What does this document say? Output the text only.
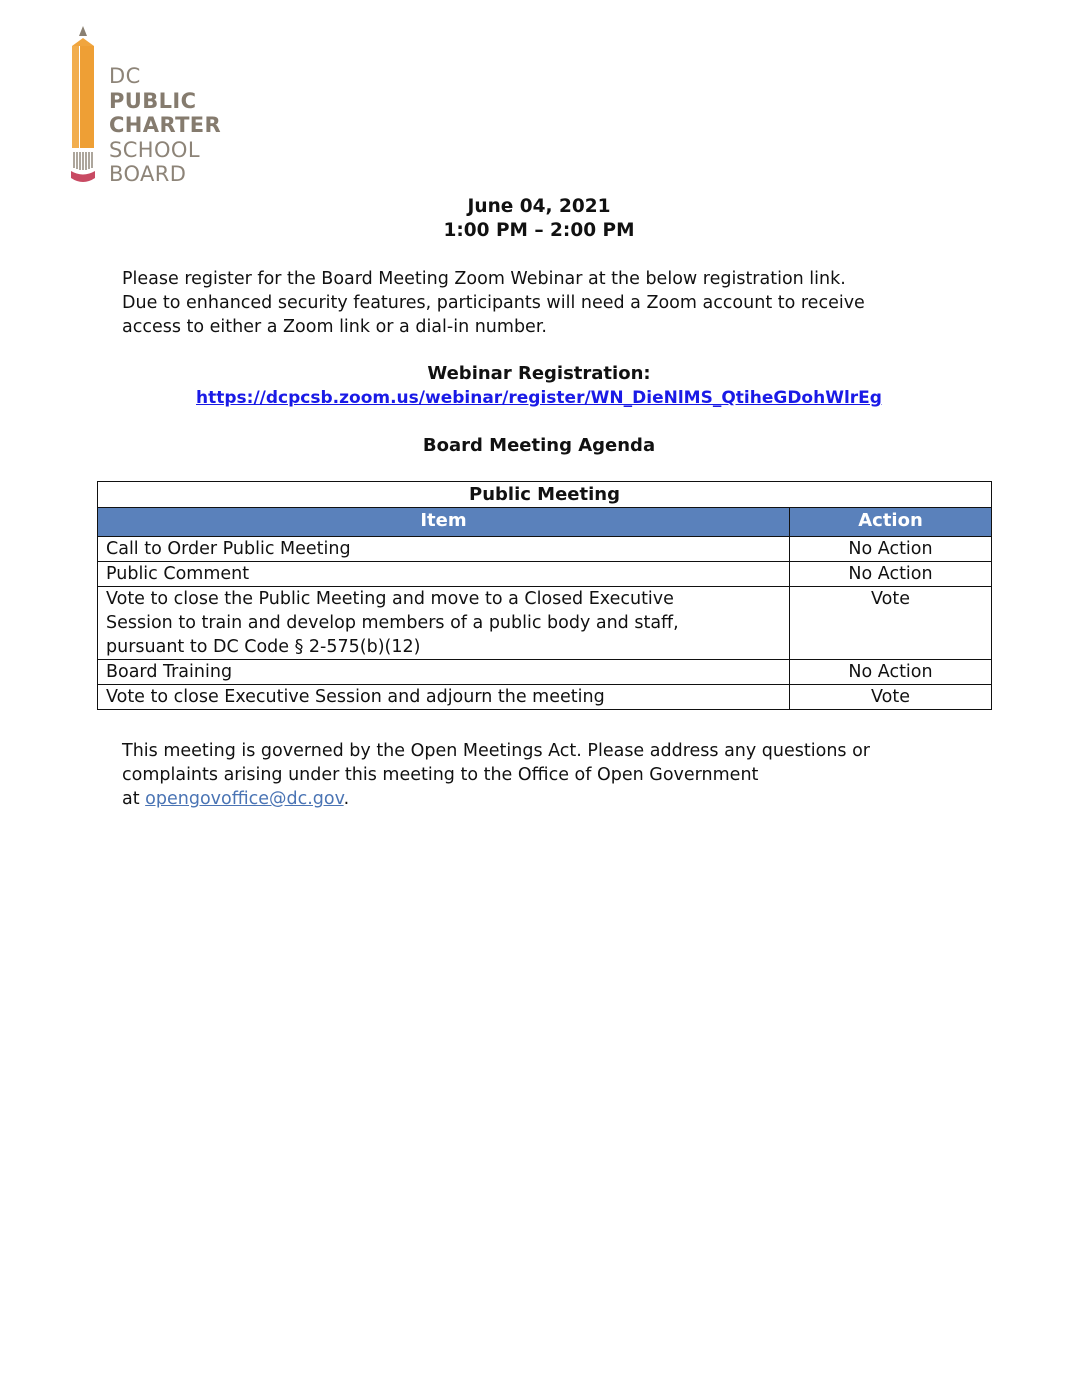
DC
PUBLIC
CHARTER
SCHOOL
BOARD
June 04, 2021
1:00 PM – 2:00 PM
Please register for the Board Meeting Zoom Webinar at the below registration link.
Due to enhanced security features, participants will need a Zoom account to receive
access to either a Zoom link or a dial-in number.
Webinar Registration:
https://dcpcsb.zoom.us/webinar/register/WN_DieNlMS_QtiheGDohWlrEg
Board Meeting Agenda
Public Meeting	
Item	Action

Call to Order Public Meeting	No Action

Public Comment	No Action

Vote to close the Public Meeting and move to a Closed Executive
Session to train and develop members of a public body and staff,
pursuant to DC Code § 2-575(b)(12)	Vote

Board Training	No Action

Vote to close Executive Session and adjourn the meeting	Vote
This meeting is governed by the Open Meetings Act. Please address any questions or
complaints arising under this meeting to the Office of Open Government
at opengovoffice@dc.gov.
